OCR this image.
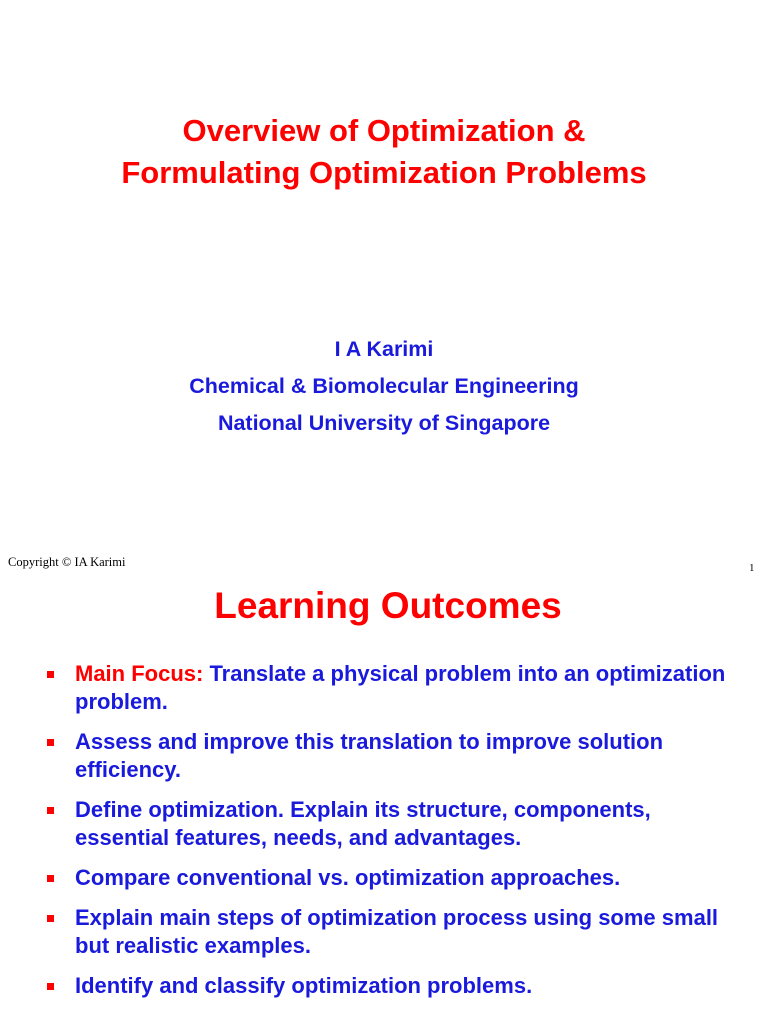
Overview of Optimization &
Formulating Optimization Problems
I A Karimi
Chemical & Biomolecular Engineering
National University of Singapore
Copyright © IA Karimi	1
Learning Outcomes
Main Focus: Translate a physical problem into an optimization problem.
Assess and improve this translation to improve solution efficiency.
Define optimization. Explain its structure, components, essential features, needs, and advantages.
Compare conventional vs. optimization approaches.
Explain main steps of optimization process using some small but realistic examples.
Identify and classify optimization problems.
